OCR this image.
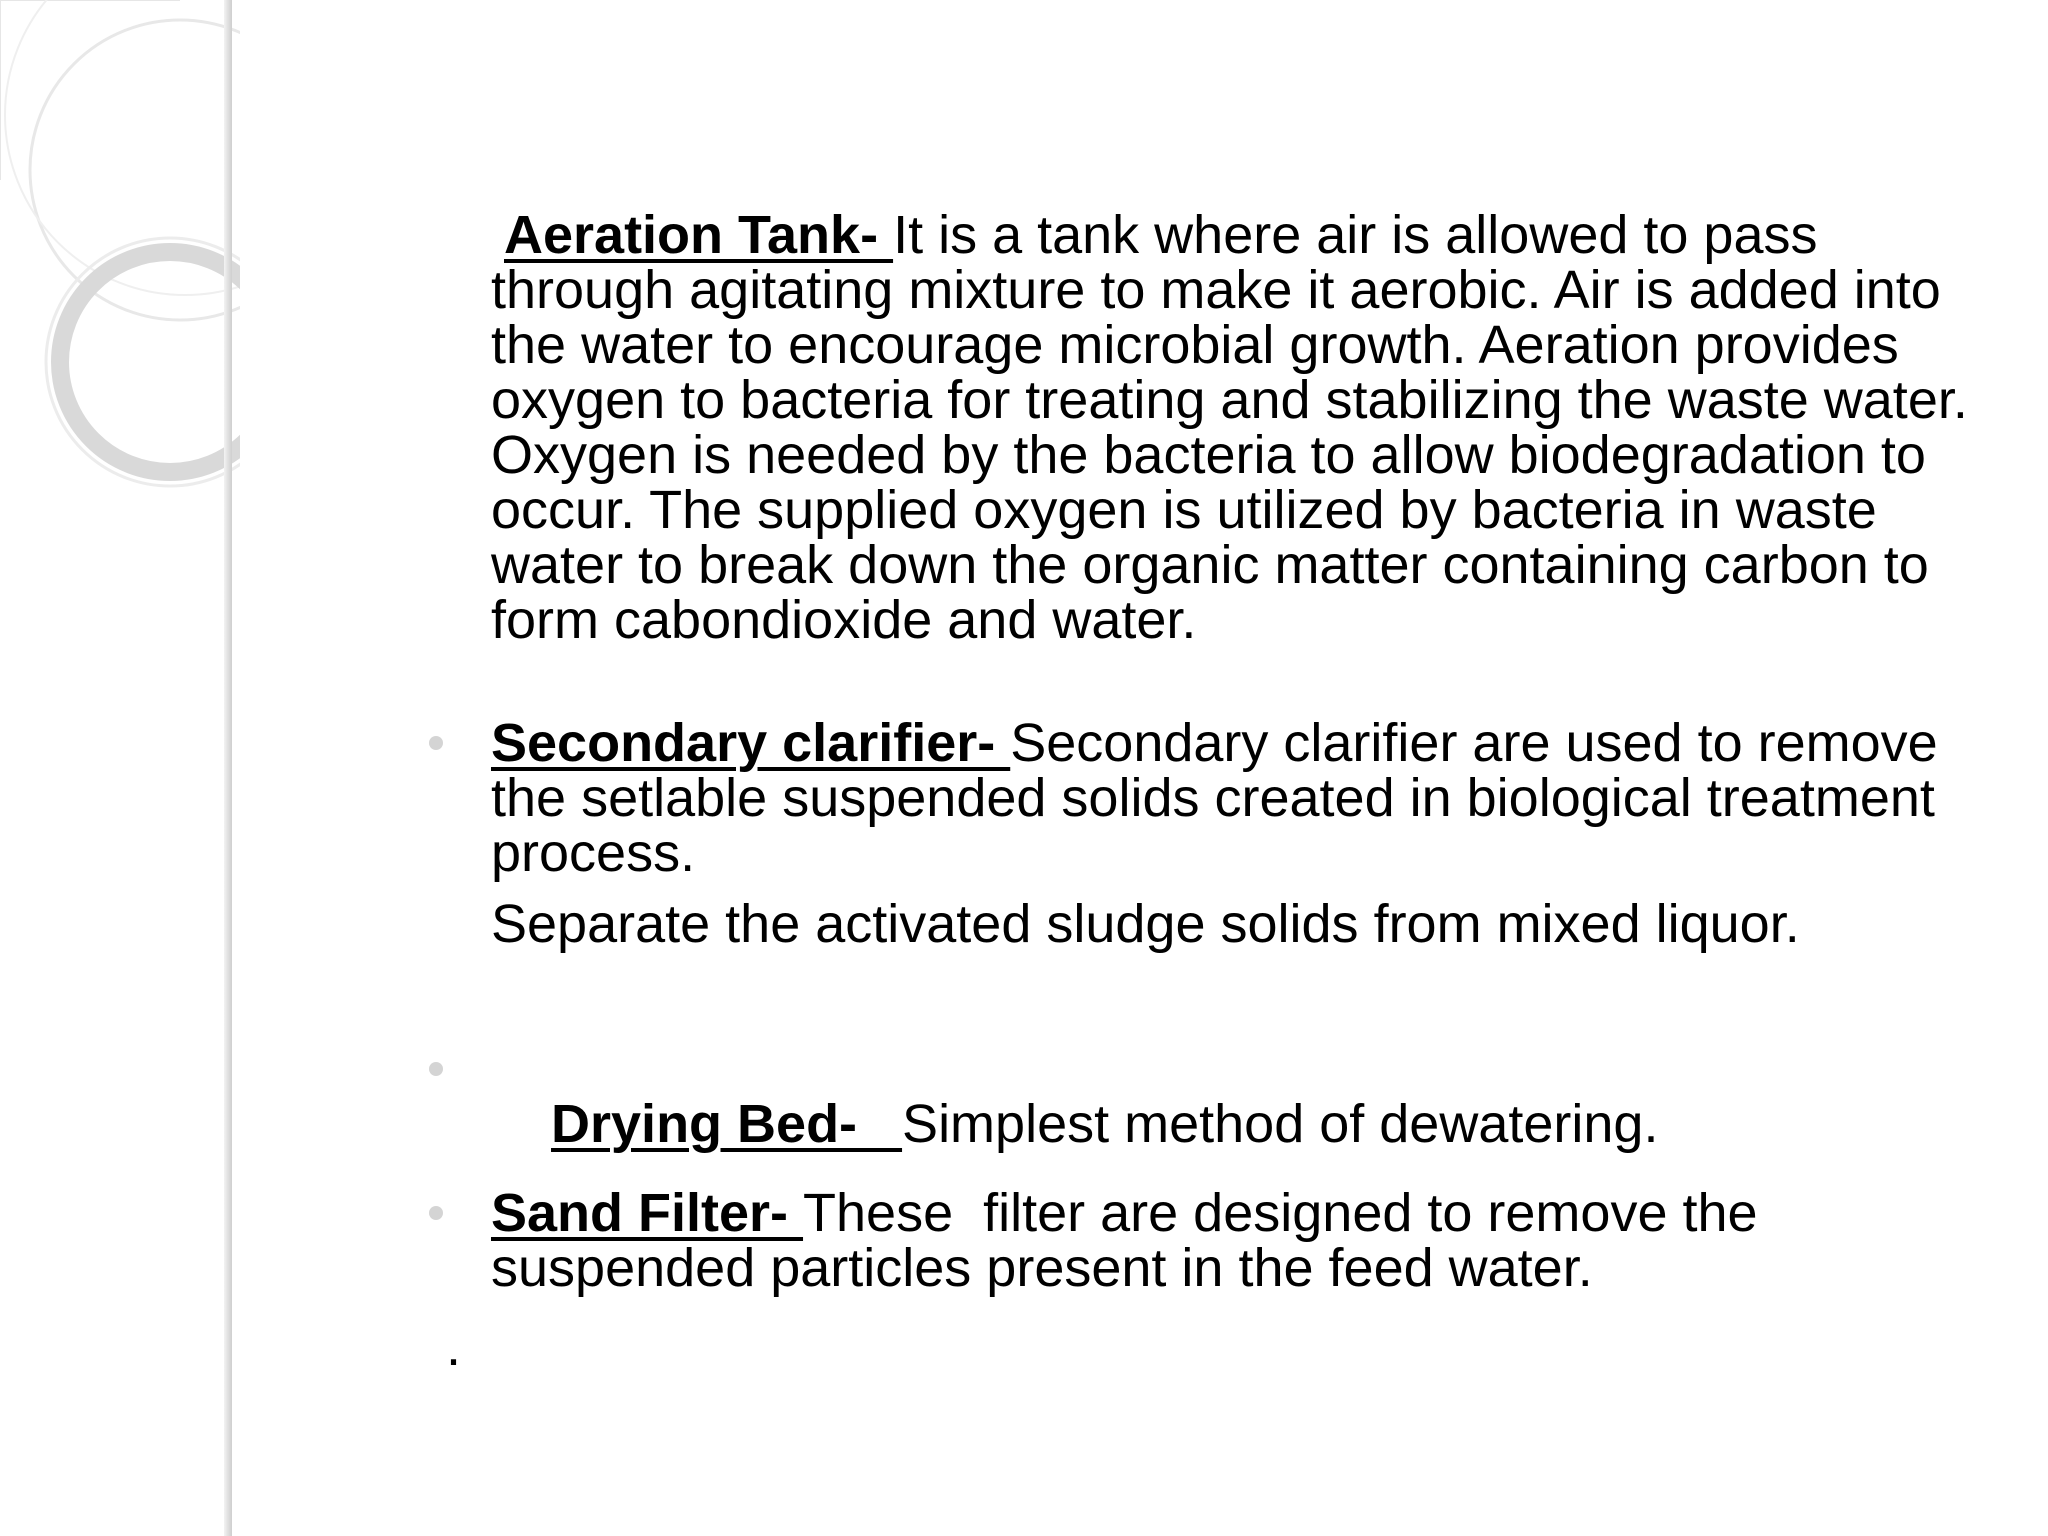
Aeration Tank- It is a tank where air is allowed to pass through agitating mixture to make it aerobic. Air is added into the water to encourage microbial growth. Aeration provides oxygen to bacteria for treating and stabilizing the waste water. Oxygen is needed by the bacteria to allow biodegradation to occur. The supplied oxygen is utilized by bacteria in waste water to break down the organic matter containing carbon to form cabondioxide and water.

Secondary clarifier- Secondary clarifier are used to remove the setlable suspended solids created in biological treatment process.

Separate the activated sludge solids from mixed liquor.

Drying Bed-   Simplest method of dewatering.

Sand Filter- These  filter are designed to remove the suspended particles present in the feed water.

.
